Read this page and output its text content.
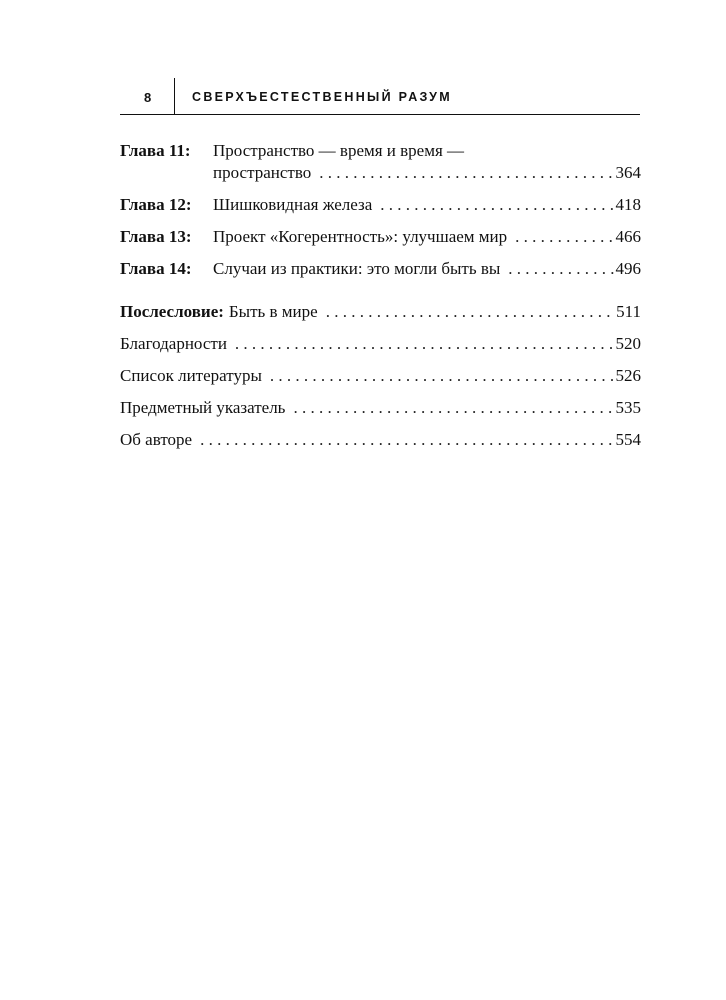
8	СВЕРХЪЕСТЕСТВЕННЫЙ РАЗУМ
Глава 11:	Пространство — время и время —
пространство . . .	364
Глава 12:	Шишковидная железа . . .	418
Глава 13:	Проект «Когерентность»: улучшаем мир . . .	466
Глава 14:	Случаи из практики: это могли быть вы . . .	496
Послесловие: Быть в мире . . .	511
Благодарности . . .	520
Список литературы . . .	526
Предметный указатель . . .	535
Об авторе . . .	554
